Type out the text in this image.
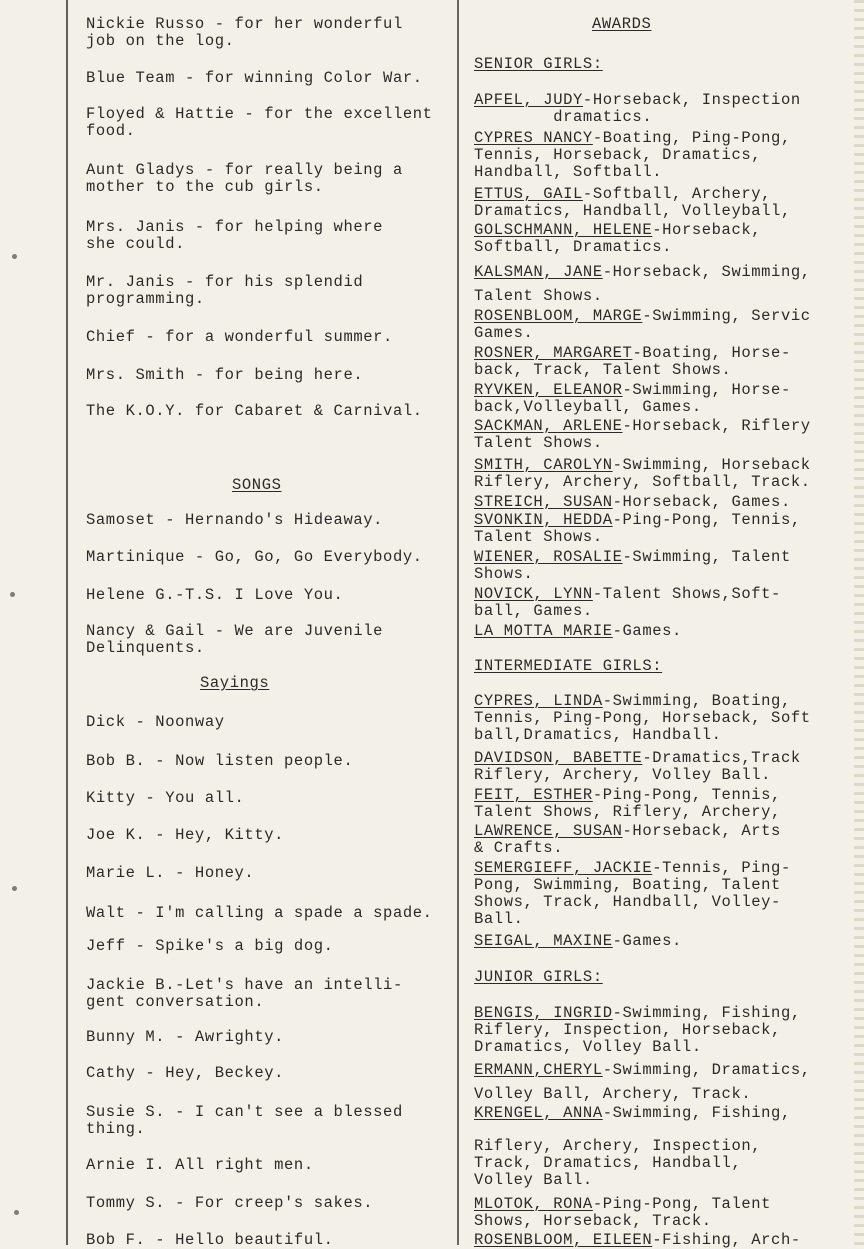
SONGS
Sayings
Nickie Russo - for her wonderful
job on the log.
Blue Team - for winning Color War.
Floyed & Hattie - for the excellent
food.
Aunt Gladys - for really being a
mother to the cub girls.
Mrs. Janis - for helping where
she could.
Mr. Janis - for his splendid
programming.
Chief - for a wonderful summer.
Mrs. Smith - for being here.
The K.O.Y. for Cabaret & Carnival.
Samoset - Hernando's Hideaway.
Martinique - Go, Go, Go Everybody.
Helene G.-T.S. I Love You.
Nancy & Gail - We are Juvenile
Delinquents.
Dick - Noonway
Bob B. - Now listen people.
Kitty - You all.
Joe K. - Hey, Kitty.
Marie L. - Honey.
Walt - I'm calling a spade a spade.
Jeff - Spike's a big dog.
Jackie B.-Let's have an intelli-
gent conversation.
Bunny M. - Awrighty.
Cathy - Hey, Beckey.
Susie S. - I can't see a blessed
thing.
Arnie I. All right men.
Tommy S. - For creep's sakes.
Bob F. - Hello beautiful.
AWARDS
SENIOR GIRLS:
INTERMEDIATE GIRLS:
JUNIOR GIRLS:
APFEL, JUDY-Horseback, Inspection
dramatics.
CYPRES NANCY-Boating, Ping-Pong,
Tennis, Horseback, Dramatics,
Handball, Softball.
ETTUS, GAIL-Softball, Archery,
Dramatics, Handball, Volleyball,
GOLSCHMANN, HELENE-Horseback,
Softball, Dramatics.
KALSMAN, JANE-Horseback, Swimming,
Talent Shows.
ROSENBLOOM, MARGE-Swimming, Servic
Games.
ROSNER, MARGARET-Boating, Horse-
back, Track, Talent Shows.
RYVKEN, ELEANOR-Swimming, Horse-
back,Volleyball, Games.
SACKMAN, ARLENE-Horseback, Riflery
Talent Shows.
SMITH, CAROLYN-Swimming, Horseback
Riflery, Archery, Softball, Track.
STREICH, SUSAN-Horseback, Games.
SVONKIN, HEDDA-Ping-Pong, Tennis,
Talent Shows.
WIENER, ROSALIE-Swimming, Talent
Shows.
NOVICK, LYNN-Talent Shows,Soft-
ball, Games.
LA MOTTA MARIE-Games.
CYPRES, LINDA-Swimming, Boating,
Tennis, Ping-Pong, Horseback, Soft
ball,Dramatics, Handball.
DAVIDSON, BABETTE-Dramatics,Track
Riflery, Archery, Volley Ball.
FEIT, ESTHER-Ping-Pong, Tennis,
Talent Shows, Riflery, Archery,
LAWRENCE, SUSAN-Horseback, Arts
& Crafts.
SEMERGIEFF, JACKIE-Tennis, Ping-
Pong, Swimming, Boating, Talent
Shows, Track, Handball, Volley-
Ball.
SEIGAL, MAXINE-Games.
BENGIS, INGRID-Swimming, Fishing,
Riflery, Inspection, Horseback,
Dramatics, Volley Ball.
ERMANN,CHERYL-Swimming, Dramatics,
Volley Ball, Archery, Track.
KRENGEL, ANNA-Swimming, Fishing,
Riflery, Archery, Inspection,
Track, Dramatics, Handball,
Volley Ball.
MLOTOK, RONA-Ping-Pong, Talent
Shows, Horseback, Track.
ROSENBLOOM, EILEEN-Fishing, Arch-
